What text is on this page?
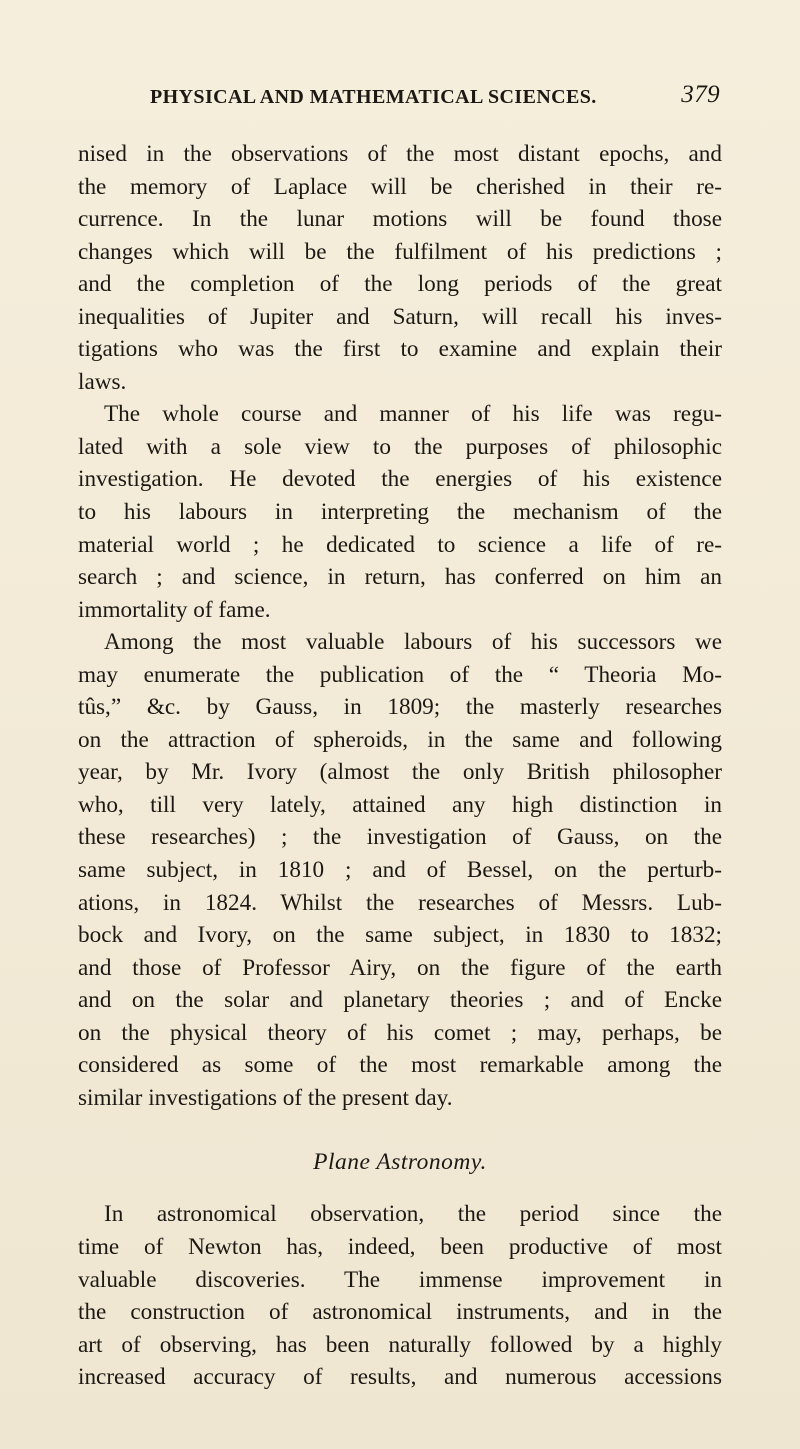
PHYSICAL AND MATHEMATICAL SCIENCES.	379
nised in the observations of the most distant epochs, and
the memory of Laplace will be cherished in their re-
currence. In the lunar motions will be found those
changes which will be the fulfilment of his predictions ;
and the completion of the long periods of the great
inequalities of Jupiter and Saturn, will recall his inves-
tigations who was the first to examine and explain their
laws.
The whole course and manner of his life was regu-
lated with a sole view to the purposes of philosophic
investigation. He devoted the energies of his existence
to his labours in interpreting the mechanism of the
material world ; he dedicated to science a life of re-
search ; and science, in return, has conferred on him an
immortality of fame.
Among the most valuable labours of his successors we
may enumerate the publication of the “ Theoria Mo-
tûs,” &c. by Gauss, in 1809; the masterly researches
on the attraction of spheroids, in the same and following
year, by Mr. Ivory (almost the only British philosopher
who, till very lately, attained any high distinction in
these researches) ; the investigation of Gauss, on the
same subject, in 1810 ; and of Bessel, on the perturb-
ations, in 1824. Whilst the researches of Messrs. Lub-
bock and Ivory, on the same subject, in 1830 to 1832;
and those of Professor Airy, on the figure of the earth
and on the solar and planetary theories ; and of Encke
on the physical theory of his comet ; may, perhaps, be
considered as some of the most remarkable among the
similar investigations of the present day.
Plane Astronomy.
In astronomical observation, the period since the
time of Newton has, indeed, been productive of most
valuable discoveries. The immense improvement in
the construction of astronomical instruments, and in the
art of observing, has been naturally followed by a highly
increased accuracy of results, and numerous accessions
